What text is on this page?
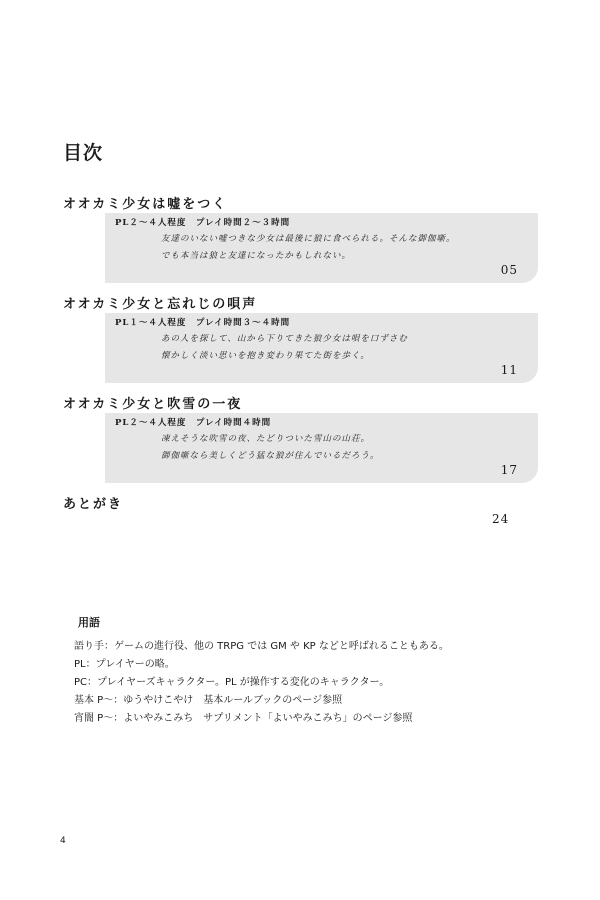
目次
オオカミ少女は嘘をつく
PL２～４人程度　プレイ時間２～３時間
友達のいない嘘つきな少女は最後に狼に食べられる。そんな御伽噺。
でも本当は狼と友達になったかもしれない。
05
オオカミ少女と忘れじの唄声
PL１～４人程度　プレイ時間３～４時間
あの人を探して、山から下りてきた狼少女は唄を口ずさむ
懐かしく淡い思いを抱き変わり果てた街を歩く。
11
オオカミ少女と吹雪の一夜
PL２～４人程度　プレイ時間４時間
凍えそうな吹雪の夜、たどりついた雪山の山荘。
御伽噺なら美しくどう猛な狼が住んでいるだろう。
17
あとがき
24
用語
語り手：ゲームの進行役、他の TRPG では GM や KP などと呼ばれることもある。
PL：プレイヤーの略。
PC：プレイヤーズキャラクター。PL が操作する変化のキャラクター。
基本 P～：ゆうやけこやけ　基本ルールブックのページ参照
宵闇 P～：よいやみこみち　サプリメント「よいやみこみち」のページ参照
4
